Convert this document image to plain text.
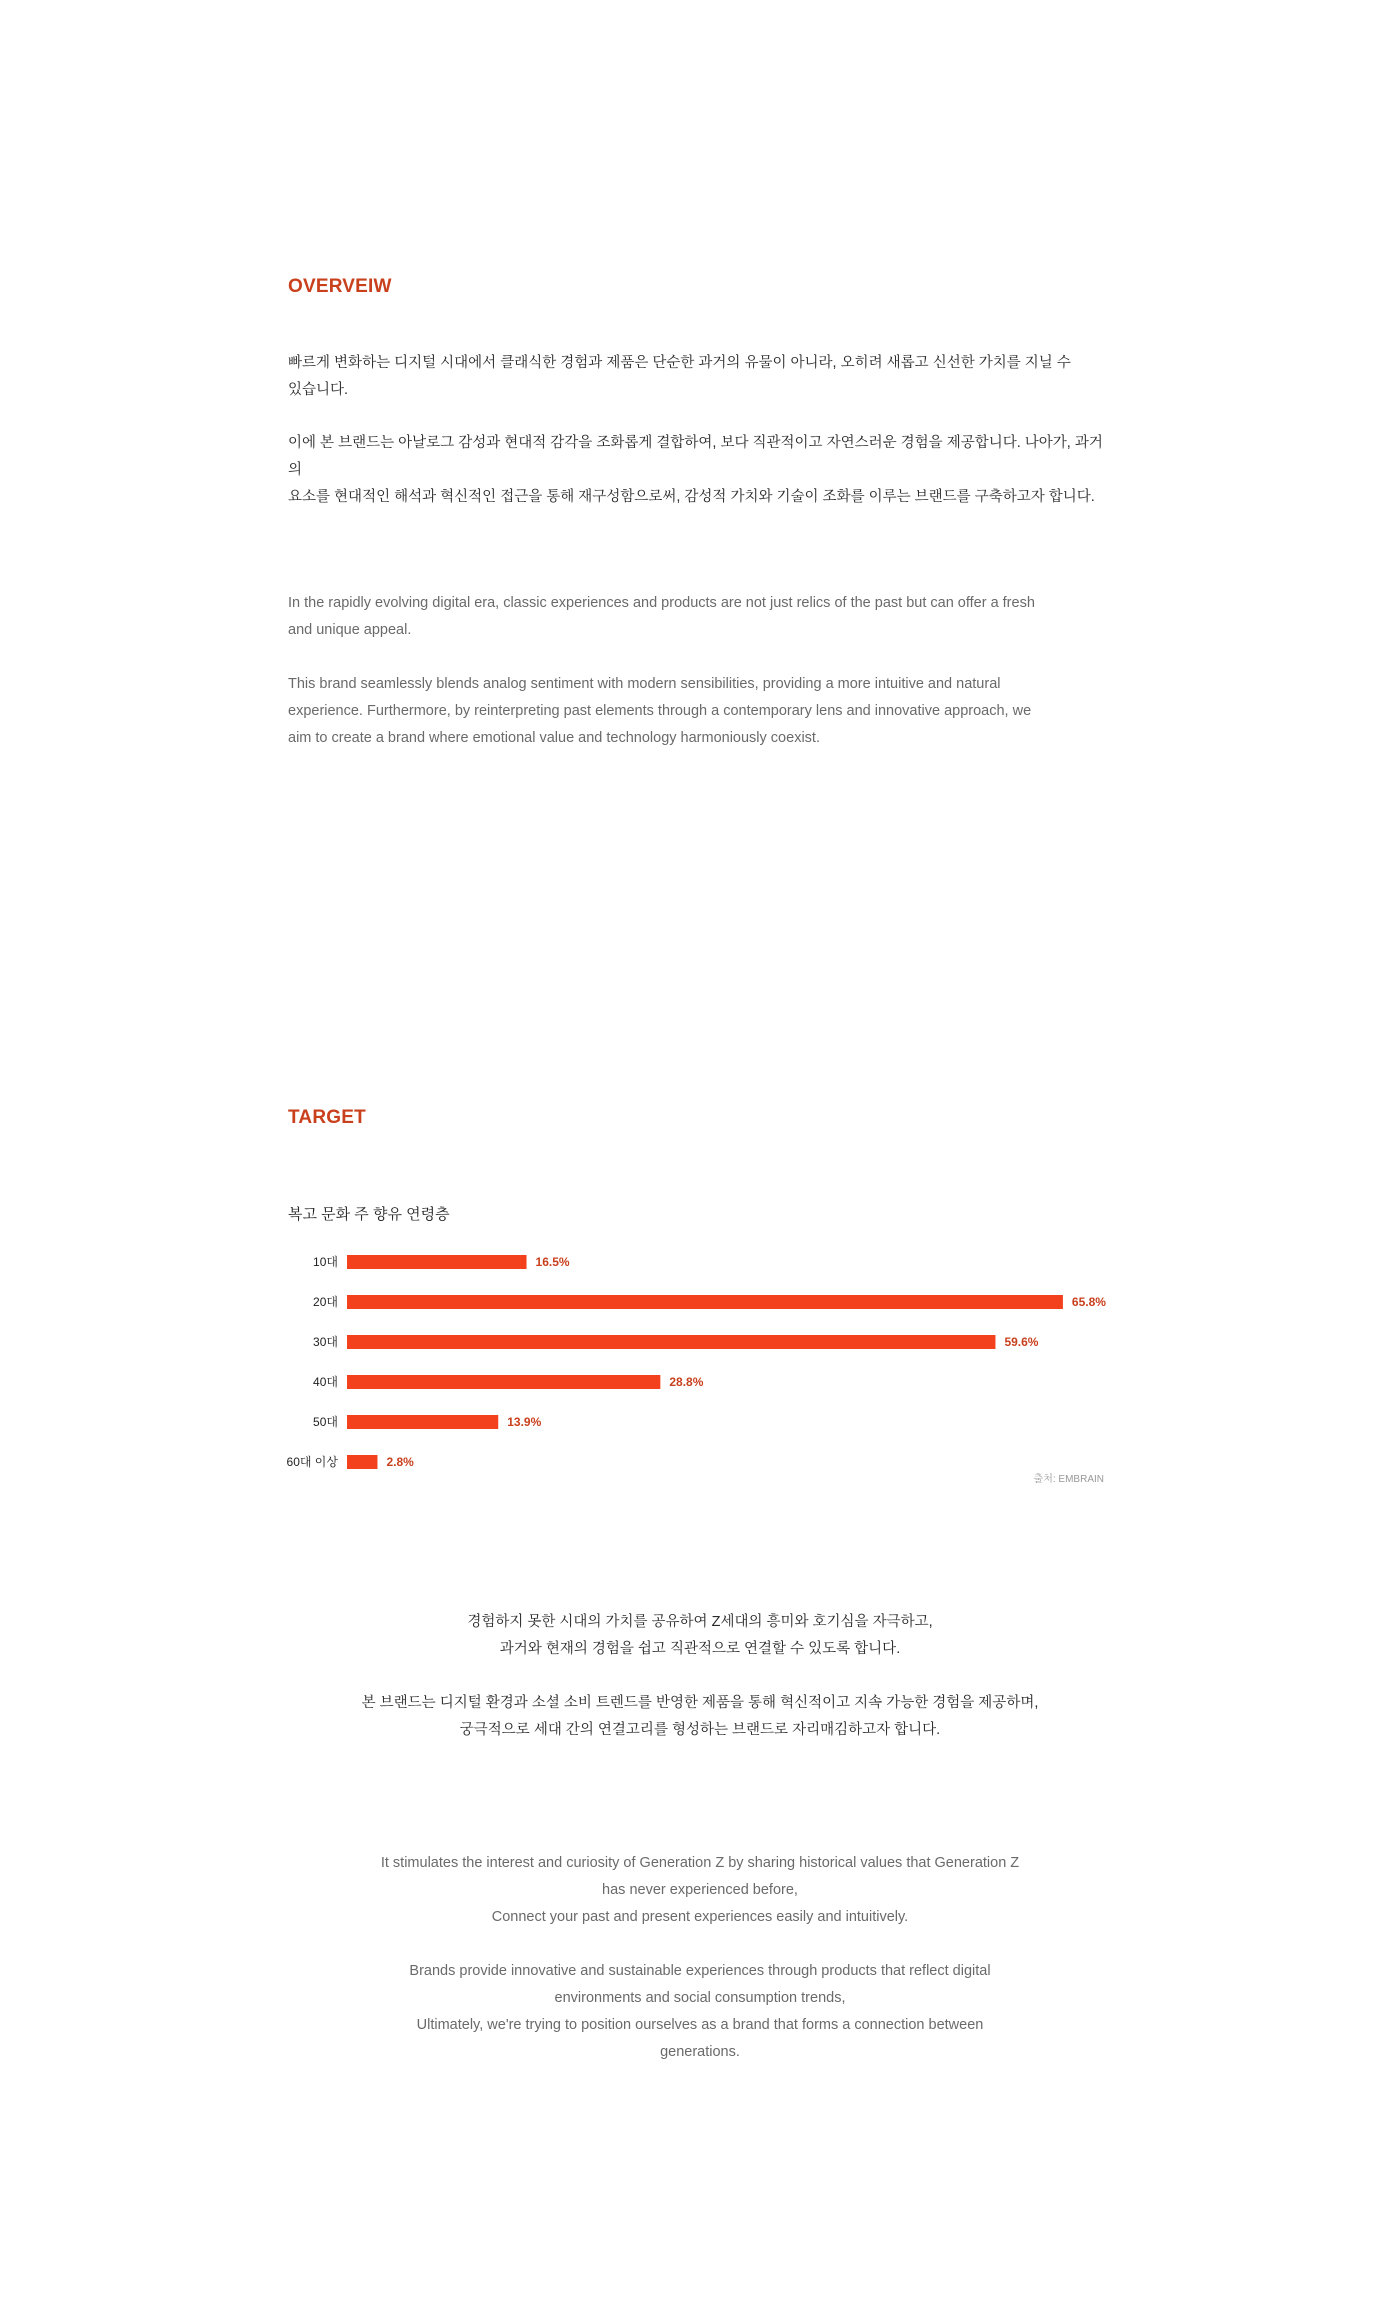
OVERVEIW

빠르게 변화하는 디지털 시대에서 클래식한 경험과 제품은 단순한 과거의 유물이 아니라, 오히려 새롭고 신선한 가치를 지닐 수
있습니다.

이에 본 브랜드는 아날로그 감성과 현대적 감각을 조화롭게 결합하여, 보다 직관적이고 자연스러운 경험을 제공합니다. 나아가, 과거의
요소를 현대적인 해석과 혁신적인 접근을 통해 재구성함으로써, 감성적 가치와 기술이 조화를 이루는 브랜드를 구축하고자 합니다.

In the rapidly evolving digital era, classic experiences and products are not just relics of the past but can offer a fresh
and unique appeal.

This brand seamlessly blends analog sentiment with modern sensibilities, providing a more intuitive and natural
experience. Furthermore, by reinterpreting past elements through a contemporary lens and innovative approach, we
aim to create a brand where emotional value and technology harmoniously coexist.

TARGET

복고 문화 주 향유 연령층

10대	16.5%
20대	65.8%
30대	59.6%
40대	28.8%
50대	13.9%
60대 이상	2.8%
출처: EMBRAIN
경험하지 못한 시대의 가치를 공유하여 Z세대의 흥미와 호기심을 자극하고,
과거와 현재의 경험을 쉽고 직관적으로 연결할 수 있도록 합니다.
본 브랜드는 디지털 환경과 소셜 소비 트렌드를 반영한 제품을 통해 혁신적이고 지속 가능한 경험을 제공하며,
궁극적으로 세대 간의 연결고리를 형성하는 브랜드로 자리매김하고자 합니다.
It stimulates the interest and curiosity of Generation Z by sharing historical values that Generation Z
has never experienced before,
Connect your past and present experiences easily and intuitively.
Brands provide innovative and sustainable experiences through products that reflect digital
environments and social consumption trends,
Ultimately, we're trying to position ourselves as a brand that forms a connection between
generations.
